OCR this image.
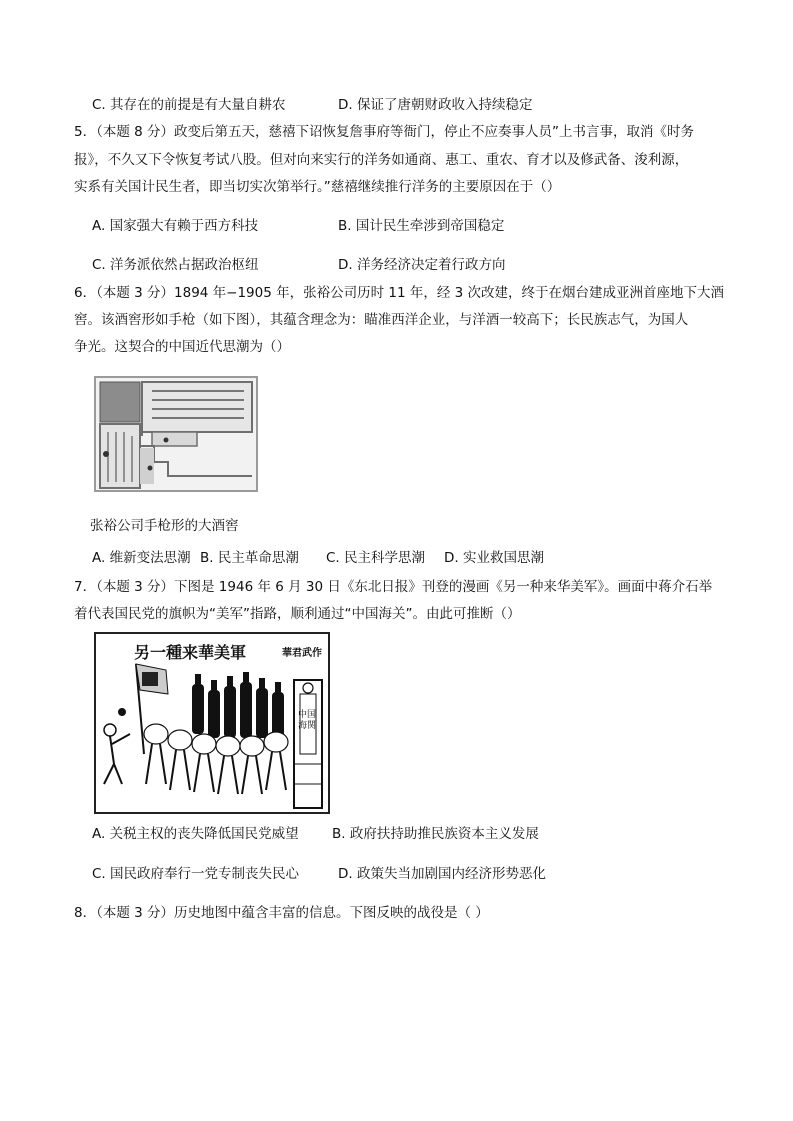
C. 其存在的前提是有大量自耕农	D. 保证了唐朝财政收入持续稳定
5．（本题 8 分）政变后第五天，慈禧下诏恢复詹事府等衙门，停止不应奏事人员”上书言事，取消《时务
报》，不久又下令恢复考试八股。但对向来实行的洋务如通商、惠工、重农、育才以及修武备、浚利源，
实系有关国计民生者，即当切实次第举行。”慈禧继续推行洋务的主要原因在于（）
A. 国家强大有赖于西方科技	B. 国计民生牵涉到帝国稳定
C. 洋务派依然占据政治枢纽	D. 洋务经济决定着行政方向
6．（本题 3 分）1894 年−1905 年，张裕公司历时 11 年，经 3 次改建，终于在烟台建成亚洲首座地下大酒
窖。该酒窖形如手枪（如下图），其蕴含理念为：瞄准西洋企业，与洋酒一较高下；长民族志气，为国人
争光。这契合的中国近代思潮为（）
张裕公司手枪形的大酒窖
A. 维新变法思潮 B. 民主革命思潮 C. 民主科学思潮 D. 实业救国思潮
7．（本题 3 分）下图是 1946 年 6 月 30 日《东北日报》刊登的漫画《另一种来华美军》。画面中蒋介石举
着代表国民党的旗帜为“美军”指路，顺利通过“中国海关”。由此可推断（）
另一種来華美軍	華君武作
中国海関
A. 关税主权的丧失降低国民党威望 B. 政府扶持助推民族资本主义发展
C. 国民政府奉行一党专制丧失民心	D. 政策失当加剧国内经济形势恶化
8．（本题 3 分）历史地图中蕴含丰富的信息。下图反映的战役是（ ）
